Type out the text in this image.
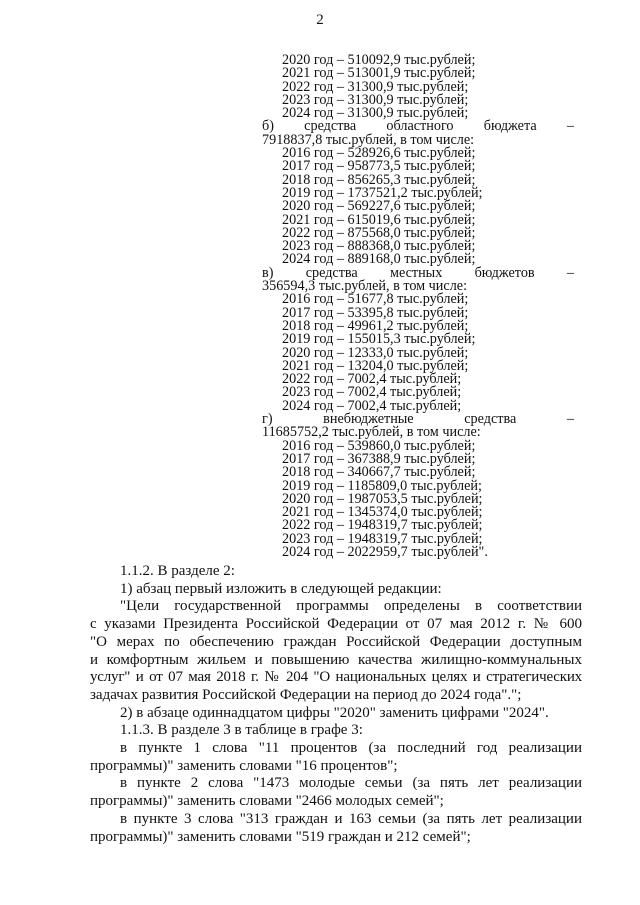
2
2020 год – 510092,9 тыс.рублей;
2021 год – 513001,9 тыс.рублей;
2022 год – 31300,9 тыс.рублей;
2023 год – 31300,9 тыс.рублей;
2024 год – 31300,9 тыс.рублей;
б) средства областного бюджета –
7918837,8 тыс.рублей, в том числе:
2016 год – 528926,6 тыс.рублей;
2017 год – 958773,5 тыс.рублей;
2018 год – 856265,3 тыс.рублей;
2019 год – 1737521,2 тыс.рублей;
2020 год – 569227,6 тыс.рублей;
2021 год – 615019,6 тыс.рублей;
2022 год – 875568,0 тыс.рублей;
2023 год – 888368,0 тыс.рублей;
2024 год – 889168,0 тыс.рублей;
в) средства местных бюджетов –
356594,3 тыс.рублей, в том числе:
2016 год – 51677,8 тыс.рублей;
2017 год – 53395,8 тыс.рублей;
2018 год – 49961,2 тыс.рублей;
2019 год – 155015,3 тыс.рублей;
2020 год – 12333,0 тыс.рублей;
2021 год – 13204,0 тыс.рублей;
2022 год – 7002,4 тыс.рублей;
2023 год – 7002,4 тыс.рублей;
2024 год – 7002,4 тыс.рублей;
г)	внебюджетные	средства	–
11685752,2 тыс.рублей, в том числе:
2016 год – 539860,0 тыс.рублей;
2017 год – 367388,9 тыс.рублей;
2018 год – 340667,7 тыс.рублей;
2019 год – 1185809,0 тыс.рублей;
2020 год – 1987053,5 тыс.рублей;
2021 год – 1345374,0 тыс.рублей;
2022 год – 1948319,7 тыс.рублей;
2023 год – 1948319,7 тыс.рублей;
2024 год – 2022959,7 тыс.рублей".
1.1.2. В разделе 2:
1) абзац первый изложить в следующей редакции:
"Цели государственной программы определены в соответствии
с указами Президента Российской Федерации от 07 мая 2012 г. № 600
"О мерах по обеспечению граждан Российской Федерации доступным
и комфортным жильем и повышению качества жилищно-коммунальных
услуг" и от 07 мая 2018 г. № 204 "О национальных целях и стратегических
задачах развития Российской Федерации на период до 2024 года".";
2) в абзаце одиннадцатом цифры "2020" заменить цифрами "2024".
1.1.3. В разделе 3 в таблице в графе 3:
в пункте 1 слова "11 процентов (за последний год реализации
программы)" заменить словами "16 процентов";
в пункте 2 слова "1473 молодые семьи (за пять лет реализации
программы)" заменить словами "2466 молодых семей";
в пункте 3 слова "313 граждан и 163 семьи (за пять лет реализации
программы)" заменить словами "519 граждан и 212 семей";
